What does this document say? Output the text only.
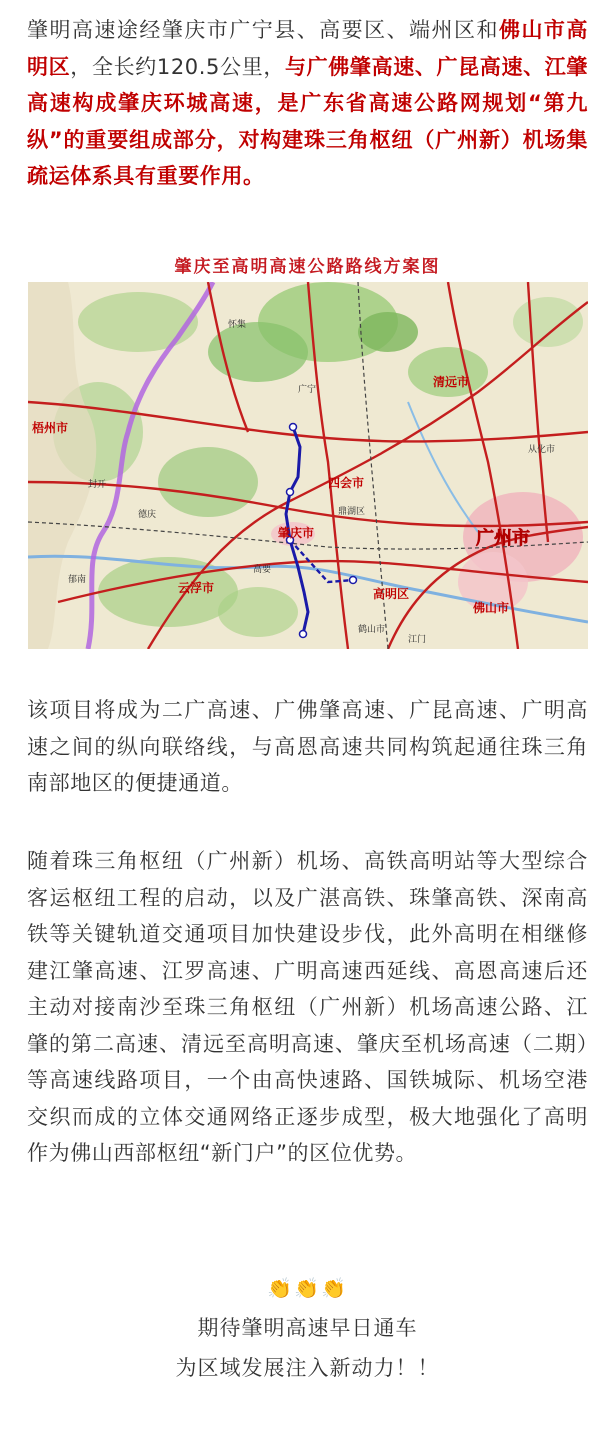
肇明高速途经肇庆市广宁县、高要区、端州区和佛山市高明区，全长约120.5公里，与广佛肇高速、广昆高速、江肇高速构成肇庆环城高速，是广东省高速公路网规划“第九纵”的重要组成部分，对构建珠三角枢纽（广州新）机场集疏运体系具有重要作用。

肇庆至高明高速公路路线方案图
广州市
肇庆市
清远市
四会市
梧州市
云浮市	高明区
佛山市
广宁
怀集
封开
德庆
郁南
江门
高要
鹤山市
从化市
鼎湖区

该项目将成为二广高速、广佛肇高速、广昆高速、广明高速之间的纵向联络线，与高恩高速共同构筑起通往珠三角南部地区的便捷通道。

随着珠三角枢纽（广州新）机场、高铁高明站等大型综合客运枢纽工程的启动，以及广湛高铁、珠肇高铁、深南高铁等关键轨道交通项目加快建设步伐，此外高明在相继修建江肇高速、江罗高速、广明高速西延线、高恩高速后还主动对接南沙至珠三角枢纽（广州新）机场高速公路、江肇的第二高速、清远至高明高速、肇庆至机场高速（二期）等高速线路项目，一个由高快速路、国铁城际、机场空港交织而成的立体交通网络正逐步成型，极大地强化了高明作为佛山西部枢纽“新门户”的区位优势。

👏👏👏
期待肇明高速早日通车
为区域发展注入新动力！！
